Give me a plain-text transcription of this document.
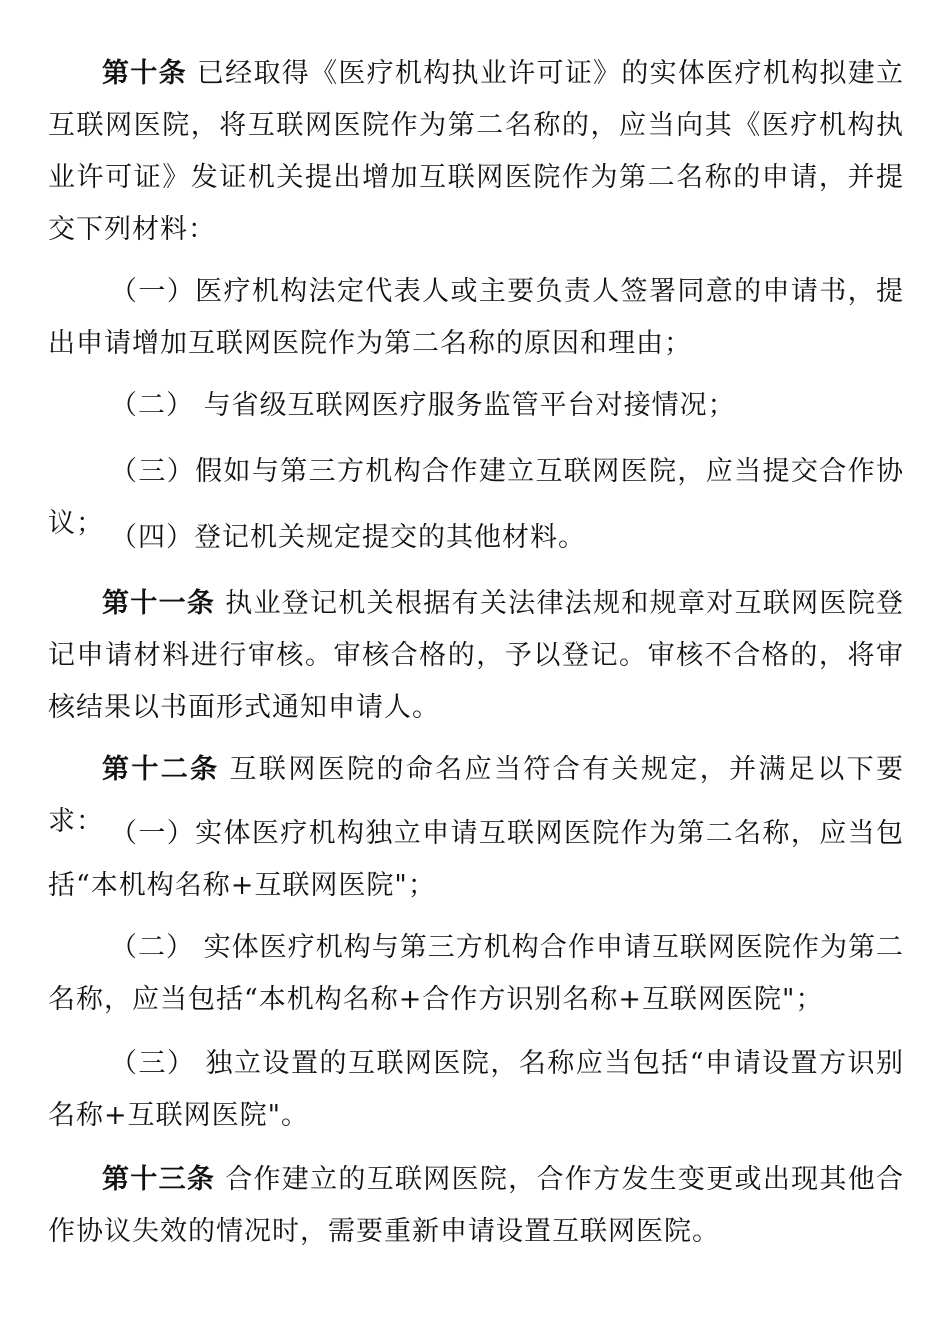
第十条 已经取得《医疗机构执业许可证》的实体医疗机构拟建立互联网医院，将互联网医院作为第二名称的，应当向其《医疗机构执业许可证》发证机关提出增加互联网医院作为第二名称的申请，并提交下列材料：

（一）医疗机构法定代表人或主要负责人签署同意的申请书，提出申请增加互联网医院作为第二名称的原因和理由；

（二） 与省级互联网医疗服务监管平台对接情况；

（三）假如与第三方机构合作建立互联网医院，应当提交合作协议； （四）登记机关规定提交的其他材料。

第十一条 执业登记机关根据有关法律法规和规章对互联网医院登记申请材料进行审核。审核合格的，予以登记。审核不合格的，将审核结果以书面形式通知申请人。

第十二条 互联网医院的命名应当符合有关规定，并满足以下要求： （一）实体医疗机构独立申请互联网医院作为第二名称，应当包括“本机构名称+互联网医院"；

（二） 实体医疗机构与第三方机构合作申请互联网医院作为第二名称，应当包括“本机构名称+合作方识别名称+互联网医院"；

（三） 独立设置的互联网医院，名称应当包括“申请设置方识别名称+互联网医院"。

第十三条 合作建立的互联网医院，合作方发生变更或出现其他合作协议失效的情况时，需要重新申请设置互联网医院。
